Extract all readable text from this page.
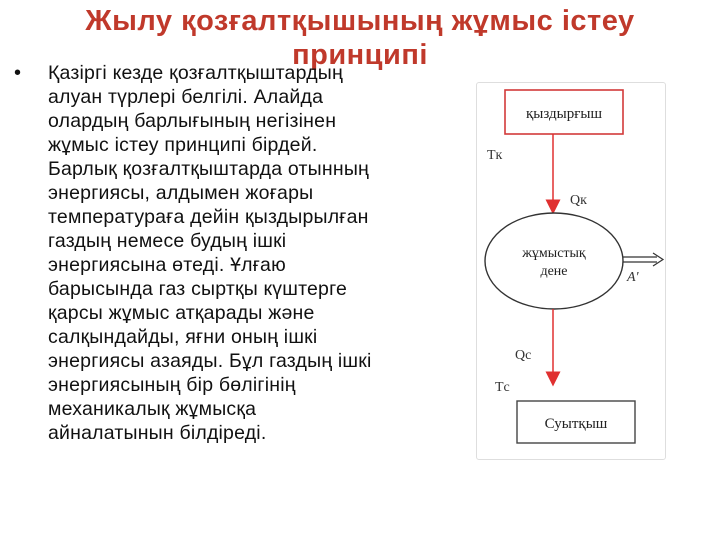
Жылу қозғалтқышының жұмыс істеу принципі
• Қазіргі кезде қозғалтқыштардың
алуан түрлері белгілі. Алайда
олардың барлығының негізінен
жұмыс істеу принципі бірдей.
Барлық қозғалтқыштарда отынның
энергиясы, алдымен жоғары
температураға дейін қыздырылған
газдың немесе будың ішкі
энергиясына өтеді. Ұлғаю
барысында газ сыртқы күштерге
қарсы жұмыс атқарады және
салқындайды, яғни оның ішкі
энергиясы азаяды. Бұл газдың ішкі
энергиясының бір бөлігінің
механикалық жұмысқа
айналатынын білдіреді.
қыздырғыш
Tк
Qк
жұмыстық
дене	A'
Qс
Tс
Суытқыш
